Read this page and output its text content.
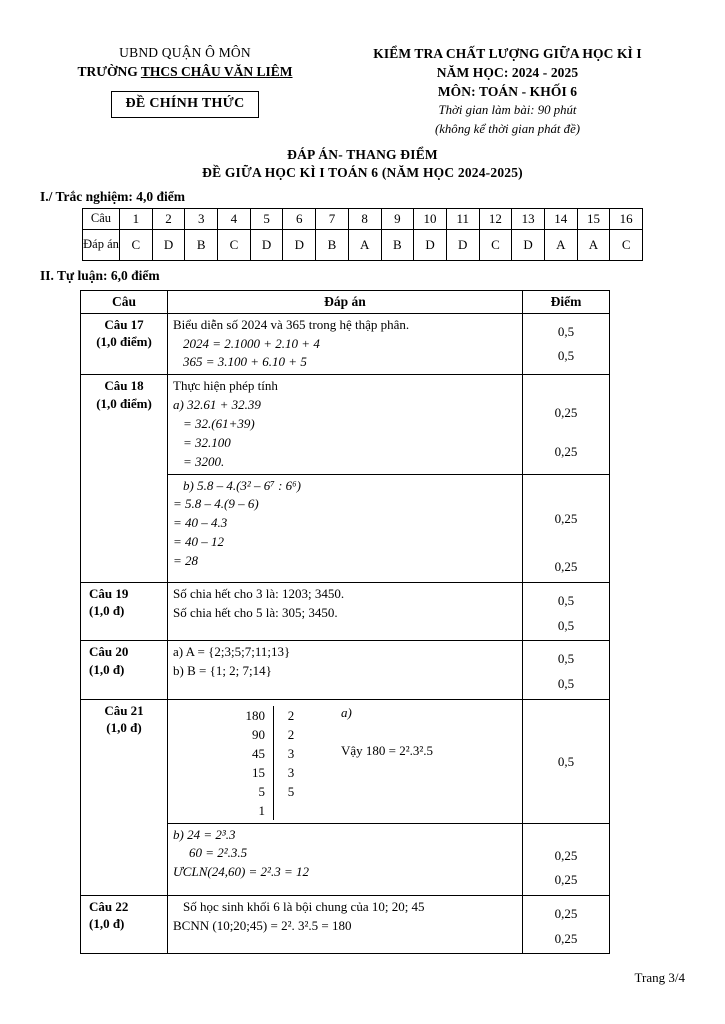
UBND QUẬN Ô MÔN
TRƯỜNG THCS CHÂU VĂN LIÊM
ĐỀ CHÍNH THỨC
KIỂM TRA CHẤT LƯỢNG GIỮA HỌC KÌ I
NĂM HỌC: 2024 - 2025
MÔN: TOÁN - KHỐI 6
Thời gian làm bài: 90 phút
(không kể thời gian phát đề)
ĐÁP ÁN- THANG ĐIỂM
ĐỀ GIỮA HỌC KÌ I TOÁN 6 (NĂM HỌC 2024-2025)
I./ Trắc nghiệm: 4,0 điểm
Câu	1	2	3	4	5	6	7	8	9	10	11	12	13	14	15	16
Đáp án	C	D	B	C	D	D	B	A	B	D	D	C	D	A	A	C
II. Tự luận: 6,0 điểm
Câu	Đáp án	Điểm

Câu 17
(1,0 điểm)	Biểu diễn số 2024 và 365 trong hệ thập phân.
2024 = 2.1000 + 2.10 + 4
365 = 3.100 + 6.10 + 5	0,5
0,5

Câu 18
(1,0 điểm)	Thực hiện phép tính
a) 32.61 + 32.39
= 32.(61+39)
= 32.100
= 3200.	0,25
0,25

	b) 5.8 – 4.(3² – 6⁷ : 6⁶)
= 5.8 – 4.(9 – 6)
= 40 – 4.3
= 40 – 12
= 28	0,25
0,25

Câu 19
(1,0 đ)	Số chia hết cho 3 là: 1203; 3450.
Số chia hết cho 5 là: 305; 3450.	0,5
0,5

Câu 20
(1,0 đ)	a) A = {2;3;5;7;11;13}
b) B = {1; 2; 7;14}	0,5
0,5

Câu 21
(1,0 đ)

a)
180	2
90	2
45	3
15	3
5	5
1
Vậy 180 = 2².3².5

0,5

	b) 24 = 2³.3
60 = 2².3.5
ƯCLN(24,60) = 2².3 = 12	0,25
0,25

Câu 22
(1,0 đ)	Số học sinh khối 6 là bội chung của 10; 20; 45
BCNN (10;20;45) = 2². 3².5 = 180	0,25
0,25
Trang 3/4
